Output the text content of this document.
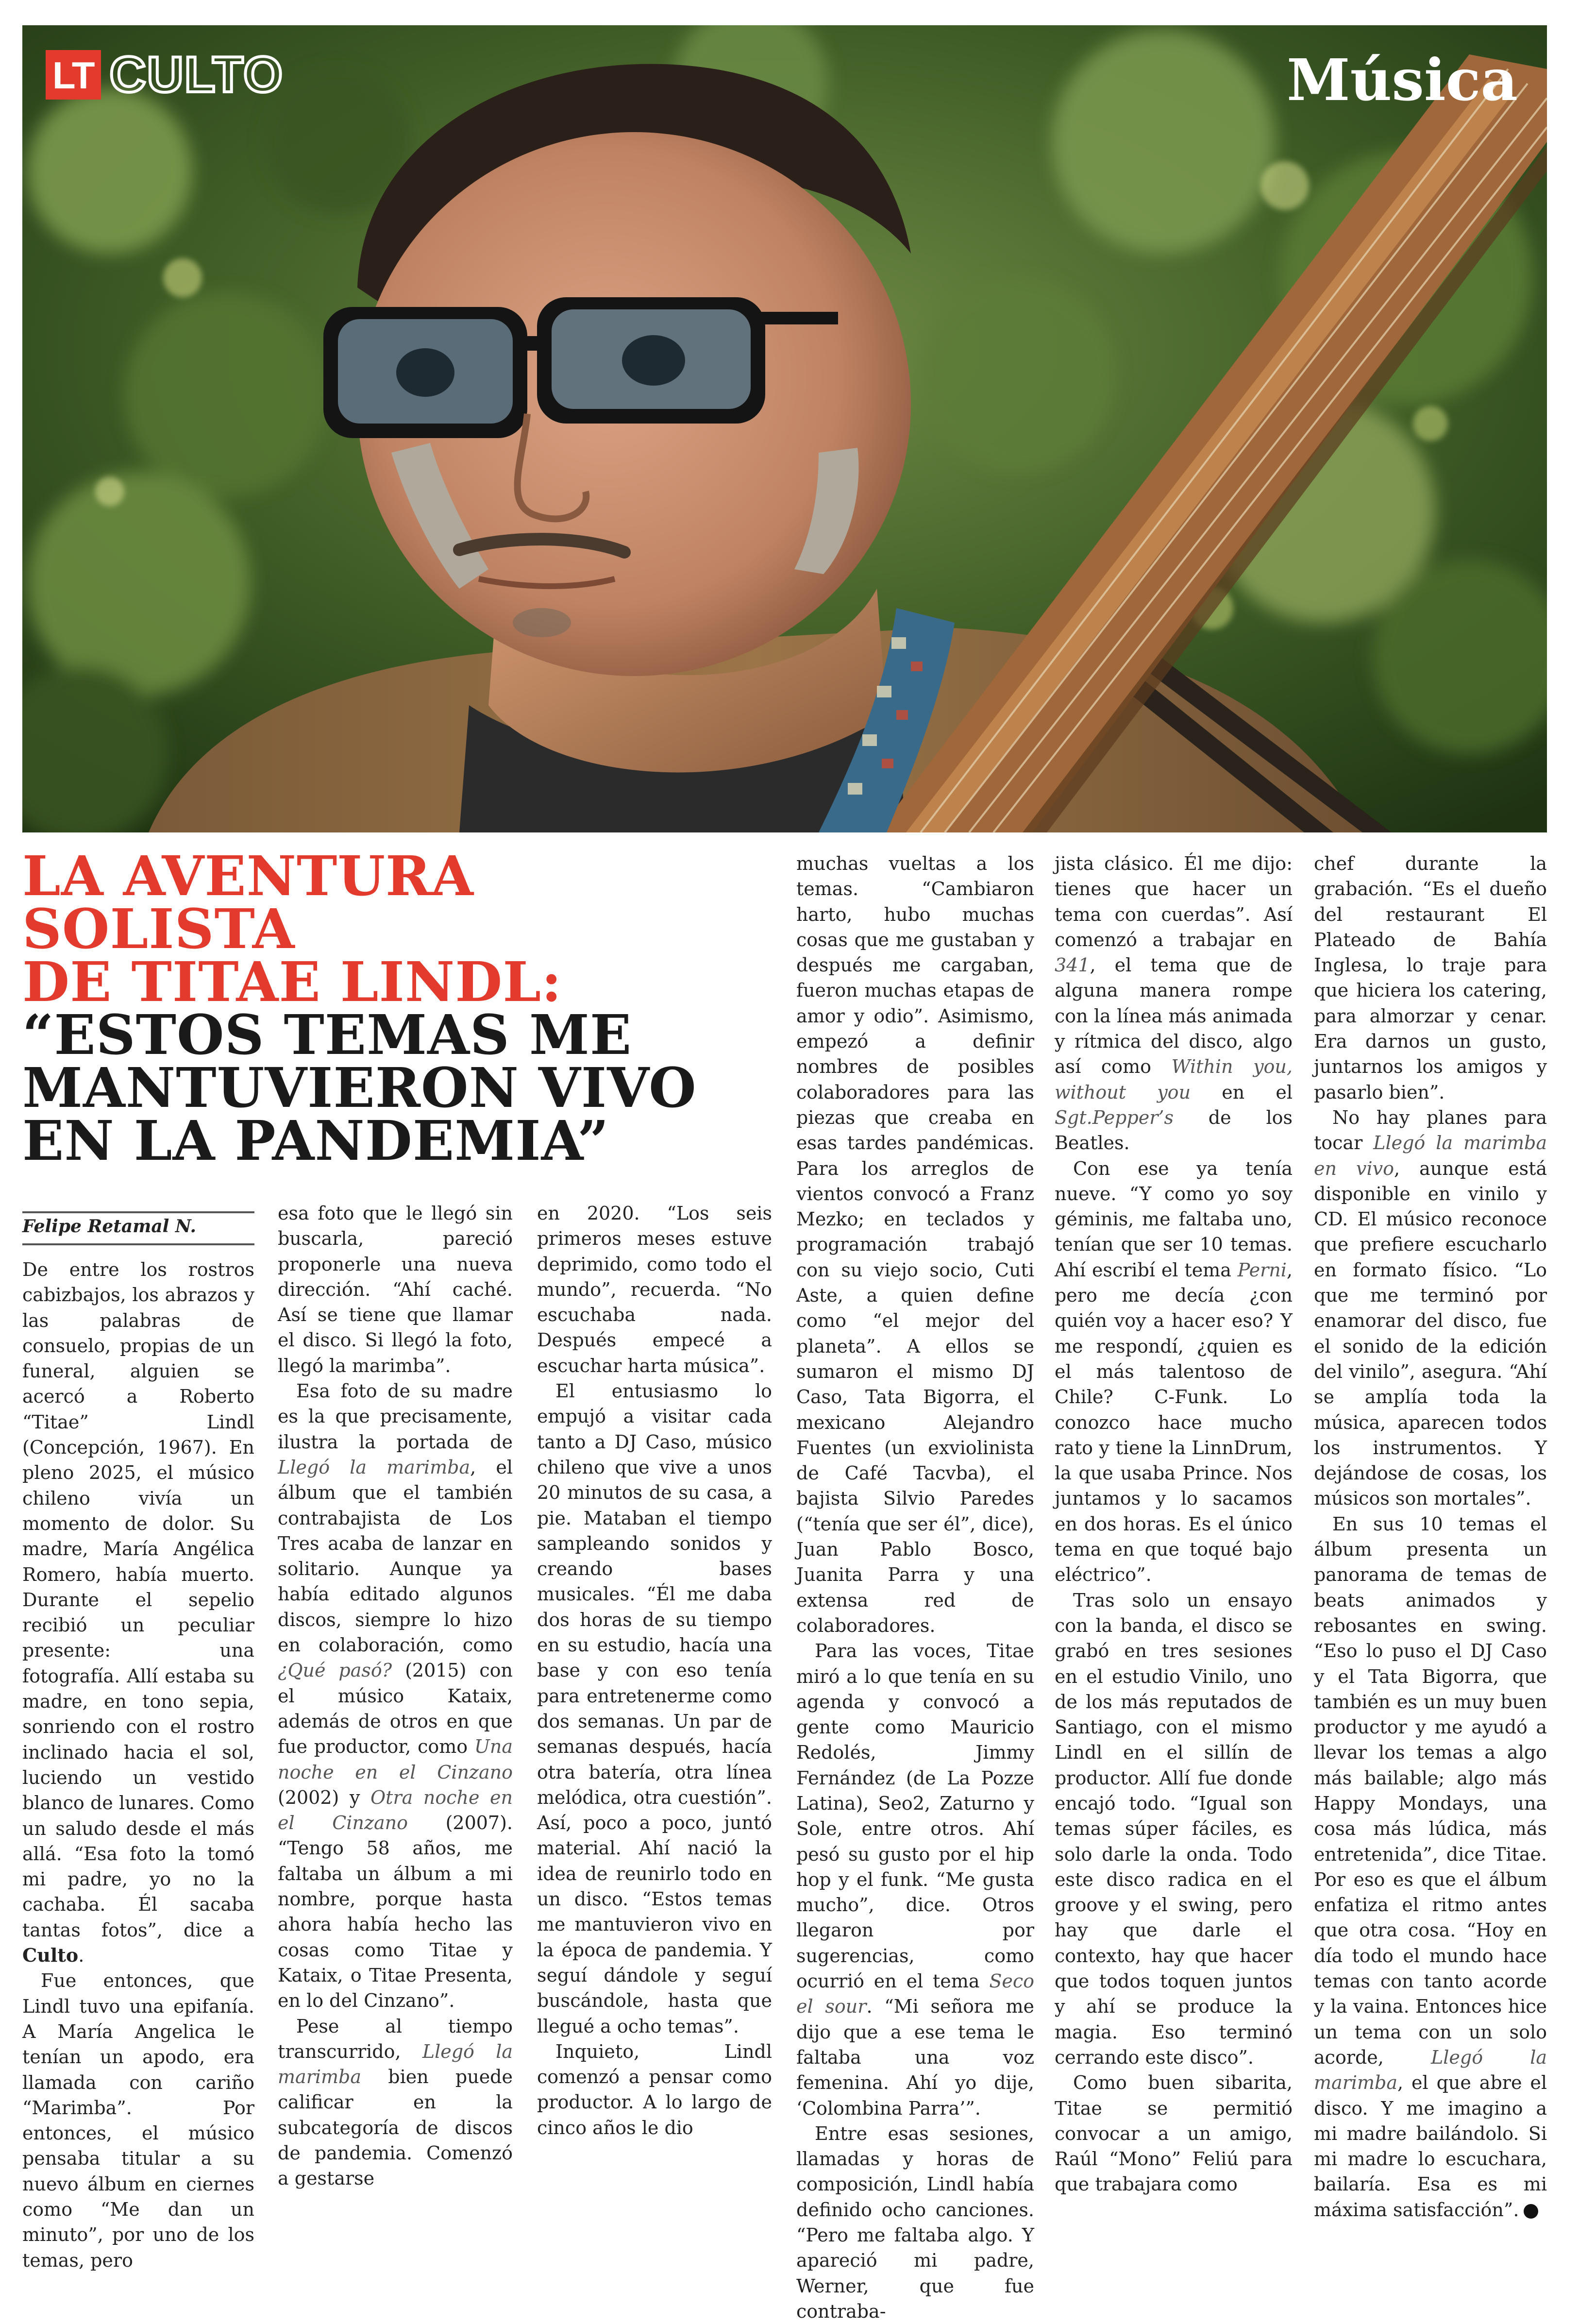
LT CULTO	Música
LA AVENTURA SOLISTA
DE TITAE LINDL:
“ESTOS TEMAS ME
MANTUVIERON VIVO
EN LA PANDEMIA”
Felipe Retamal N.

De entre los rostros cabizbajos, los abrazos y las palabras de consuelo, propias de un funeral, alguien se acercó a Roberto “Titae” Lindl (Concepción, 1967). En pleno 2025, el músico chileno vivía un momento de dolor. Su madre, María Angélica Romero, había muerto. Durante el sepelio recibió un peculiar presente: una fotografía. Allí estaba su madre, en tono sepia, sonriendo con el rostro inclinado hacia el sol, luciendo un vestido blanco de lunares. Como un saludo desde el más allá. “Esa foto la tomó mi padre, yo no la cachaba. Él sacaba tantas fotos”, dice a Culto.

Fue entonces, que Lindl tuvo una epifanía. A María Angelica le tenían un apodo, era llamada con cariño “Marimba”. Por entonces, el músico pensaba titular a su nuevo álbum en ciernes como “Me dan un minuto”, por uno de los temas, pero

esa foto que le llegó sin buscarla, pareció proponerle una nueva dirección. “Ahí caché. Así se tiene que llamar el disco. Si llegó la foto, llegó la marimba”.

Esa foto de su madre es la que precisamente, ilustra la portada de Llegó la marimba, el álbum que el también contrabajista de Los Tres acaba de lanzar en solitario. Aunque ya había editado algunos discos, siempre lo hizo en colaboración, como ¿Qué pasó? (2015) con el músico Kataix, además de otros en que fue productor, como Una noche en el Cinzano (2002) y Otra noche en el Cinzano (2007). “Tengo 58 años, me faltaba un álbum a mi nombre, porque hasta ahora había hecho las cosas como Titae y Kataix, o Titae Presenta, en lo del Cinzano”.

Pese al tiempo transcurrido, Llegó la marimba bien puede calificar en la subcategoría de discos de pandemia. Comenzó a gestarse

en 2020. “Los seis primeros meses estuve deprimido, como todo el mundo”, recuerda. “No escuchaba nada. Después empecé a escuchar harta música”.

El entusiasmo lo empujó a visitar cada tanto a DJ Caso, músico chileno que vive a unos 20 minutos de su casa, a pie. Mataban el tiempo sampleando sonidos y creando bases musicales. “Él me daba dos horas de su tiempo en su estudio, hacía una base y con eso tenía para entretenerme como dos semanas. Un par de semanas después, hacía otra batería, otra línea melódica, otra cuestión”. Así, poco a poco, juntó material. Ahí nació la idea de reunirlo todo en un disco. “Estos temas me mantuvieron vivo en la época de pandemia. Y seguí dándole y seguí buscándole, hasta que llegué a ocho temas”.

Inquieto, Lindl comenzó a pensar como productor. A lo largo de cinco años le dio

muchas vueltas a los temas. “Cambiaron harto, hubo muchas cosas que me gustaban y después me cargaban, fueron muchas etapas de amor y odio”. Asimismo, empezó a definir nombres de posibles colaboradores para las piezas que creaba en esas tardes pandémicas. Para los arreglos de vientos convocó a Franz Mezko; en teclados y programación trabajó con su viejo socio, Cuti Aste, a quien define como “el mejor del planeta”. A ellos se sumaron el mismo DJ Caso, Tata Bigorra, el mexicano Alejandro Fuentes (un exviolinista de Café Tacvba), el bajista Silvio Paredes (“tenía que ser él”, dice), Juan Pablo Bosco, Juanita Parra y una extensa red de colaboradores.

Para las voces, Titae miró a lo que tenía en su agenda y convocó a gente como Mauricio Redolés, Jimmy Fernández (de La Pozze Latina), Seo2, Zaturno y Sole, entre otros. Ahí pesó su gusto por el hip hop y el funk. “Me gusta mucho”, dice. Otros llegaron por sugerencias, como ocurrió en el tema Seco el sour. “Mi señora me dijo que a ese tema le faltaba una voz femenina. Ahí yo dije, ‘Colombina Parra’”.

Entre esas sesiones, llamadas y horas de composición, Lindl había definido ocho canciones. “Pero me faltaba algo. Y apareció mi padre, Werner, que fue contraba-

jista clásico. Él me dijo: tienes que hacer un tema con cuerdas”. Así comenzó a trabajar en 341, el tema que de alguna manera rompe con la línea más animada y rítmica del disco, algo así como Within you, without you en el Sgt.Pepper’s de los Beatles.

Con ese ya tenía nueve. “Y como yo soy géminis, me faltaba uno, tenían que ser 10 temas. Ahí escribí el tema Perni, pero me decía ¿con quién voy a hacer eso? Y me respondí, ¿quien es el más talentoso de Chile? C-Funk. Lo conozco hace mucho rato y tiene la LinnDrum, la que usaba Prince. Nos juntamos y lo sacamos en dos horas. Es el único tema en que toqué bajo eléctrico”.

Tras solo un ensayo con la banda, el disco se grabó en tres sesiones en el estudio Vinilo, uno de los más reputados de Santiago, con el mismo Lindl en el sillín de productor. Allí fue donde encajó todo. “Igual son temas súper fáciles, es solo darle la onda. Todo este disco radica en el groove y el swing, pero hay que darle el contexto, hay que hacer que todos toquen juntos y ahí se produce la magia. Eso terminó cerrando este disco”.

Como buen sibarita, Titae se permitió convocar a un amigo, Raúl “Mono” Feliú para que trabajara como

chef durante la grabación. “Es el dueño del restaurant El Plateado de Bahía Inglesa, lo traje para que hiciera los catering, para almorzar y cenar. Era darnos un gusto, juntarnos los amigos y pasarlo bien”.

No hay planes para tocar Llegó la marimba en vivo, aunque está disponible en vinilo y CD. El músico reconoce que prefiere escucharlo en formato físico. “Lo que me terminó por enamorar del disco, fue el sonido de la edición del vinilo”, asegura. “Ahí se amplía toda la música, aparecen todos los instrumentos. Y dejándose de cosas, los músicos son mortales”.

En sus 10 temas el álbum presenta un panorama de temas de beats animados y rebosantes en swing. “Eso lo puso el DJ Caso y el Tata Bigorra, que también es un muy buen productor y me ayudó a llevar los temas a algo más bailable; algo más Happy Mondays, una cosa más lúdica, más entretenida”, dice Titae. Por eso es que el álbum enfatiza el ritmo antes que otra cosa. “Hoy en día todo el mundo hace temas con tanto acorde y la vaina. Entonces hice un tema con un solo acorde, Llegó la marimba, el que abre el disco. Y me imagino a mi madre bailándolo. Si mi madre lo escuchara, bailaría. Esa es mi máxima satisfacción”.
